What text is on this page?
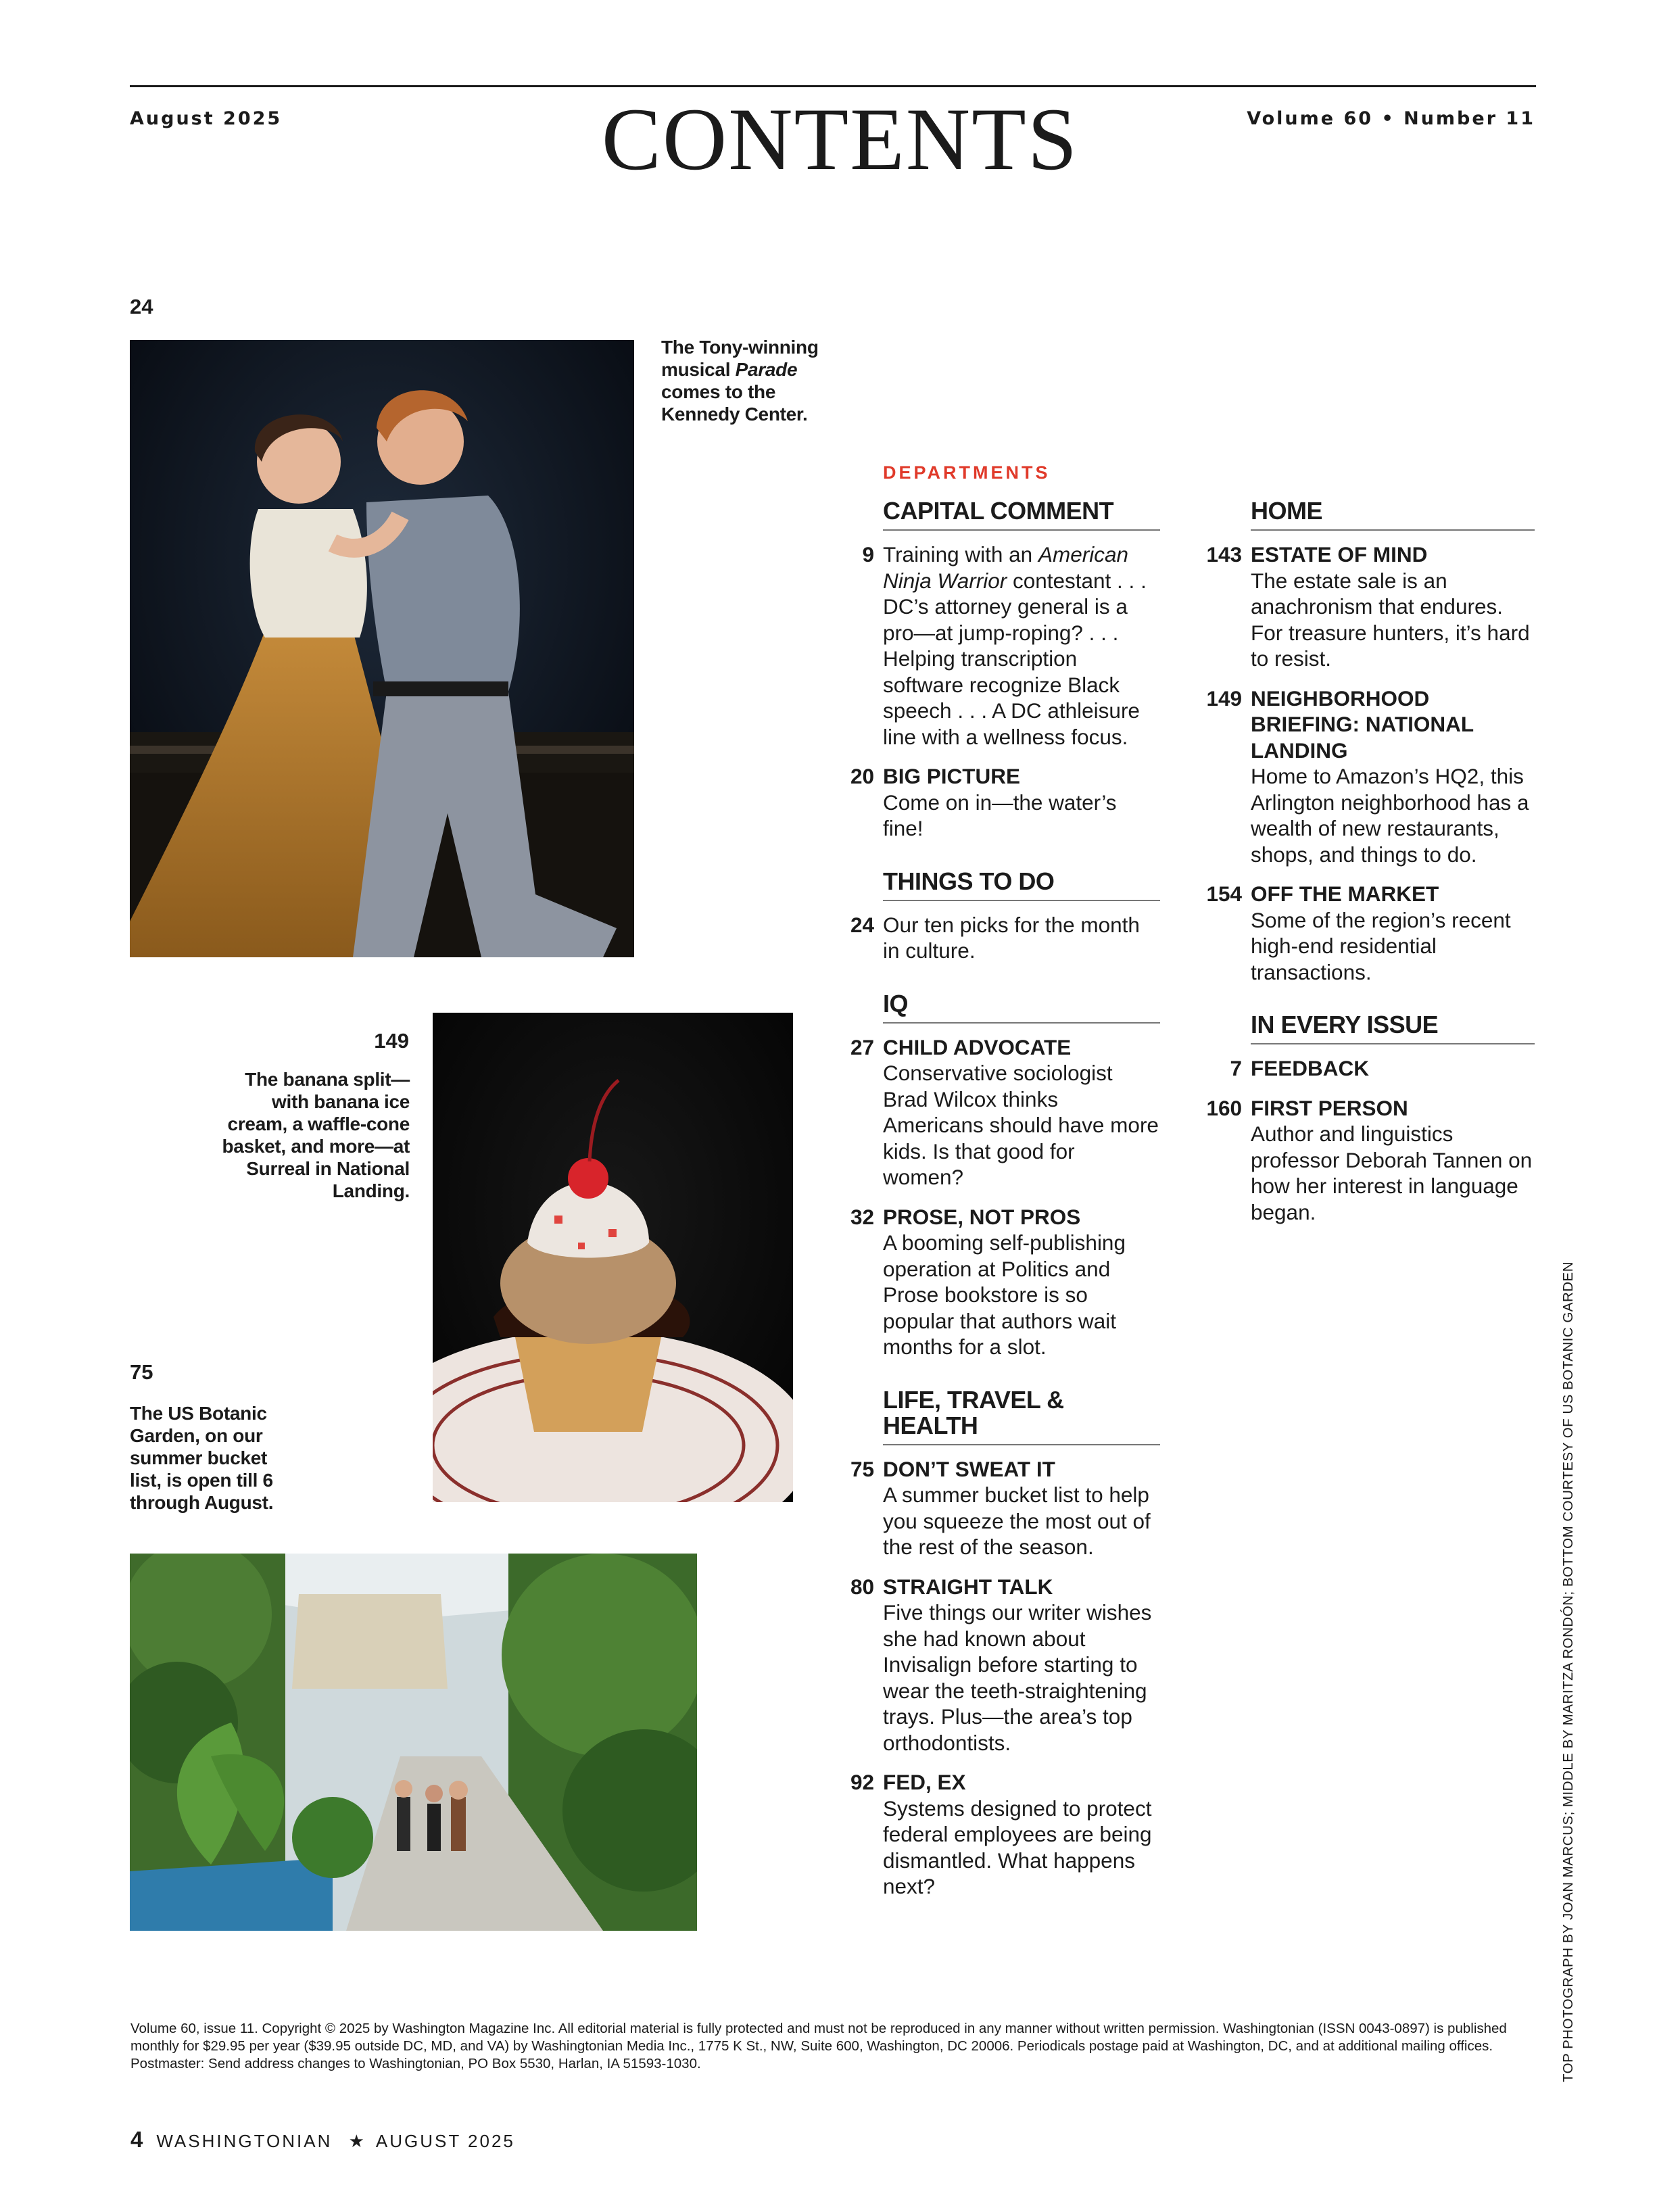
August 2025	CONTENTS	Volume 60 • Number 11
24
The Tony-winning musical Parade comes to the Kennedy Center.
149
The banana split—with banana ice cream, a waffle-cone basket, and more—at Surreal in National Landing.
75
The US Botanic Garden, on our summer bucket list, is open till 6 through August.
DEPARTMENTS
CAPITAL COMMENT
9 Training with an American Ninja Warrior contestant . . . DC’s attorney general is a pro—at jump-roping? . . . Helping transcription software recognize Black speech . . . A DC athleisure line with a wellness focus.
20 BIG PICTURE
Come on in—the water’s fine!
THINGS TO DO
24 Our ten picks for the month in culture.
IQ
27 CHILD ADVOCATE
Conservative sociologist Brad Wilcox thinks Americans should have more kids. Is that good for women?
32 PROSE, NOT PROS
A booming self-publishing operation at Politics and Prose bookstore is so popular that authors wait months for a slot.
LIFE, TRAVEL & HEALTH
75 DON’T SWEAT IT
A summer bucket list to help you squeeze the most out of the rest of the season.
80 STRAIGHT TALK
Five things our writer wishes she had known about Invisalign before starting to wear the teeth-straightening trays. Plus—the area’s top orthodontists.
92 FED, EX
Systems designed to protect federal employees are being dismantled. What happens next?
HOME
143 ESTATE OF MIND
The estate sale is an anachronism that endures. For treasure hunters, it’s hard to resist.
149 NEIGHBORHOOD BRIEFING: NATIONAL LANDING
Home to Amazon’s HQ2, this Arlington neighborhood has a wealth of new restaurants, shops, and things to do.
154 OFF THE MARKET
Some of the region’s recent high-end residential transactions.
IN EVERY ISSUE
7 FEEDBACK
160 FIRST PERSON
Author and linguistics professor Deborah Tannen on how her interest in language began.
Volume 60, issue 11. Copyright © 2025 by Washington Magazine Inc. All editorial material is fully protected and must not be reproduced in any manner without written permission. Washingtonian (ISSN 0043-0897) is published monthly for $29.95 per year ($39.95 outside DC, MD, and VA) by Washingtonian Media Inc., 1775 K St., NW, Suite 600, Washington, DC 20006. Periodicals postage paid at Washington, DC, and at additional mailing offices. Postmaster: Send address changes to Washingtonian, PO Box 5530, Harlan, IA 51593-1030.
4 WASHINGTONIAN ★ AUGUST 2025
TOP PHOTOGRAPH BY JOAN MARCUS; MIDDLE BY MARITZA RONDÓN; BOTTOM COURTESY OF US BOTANIC GARDEN
